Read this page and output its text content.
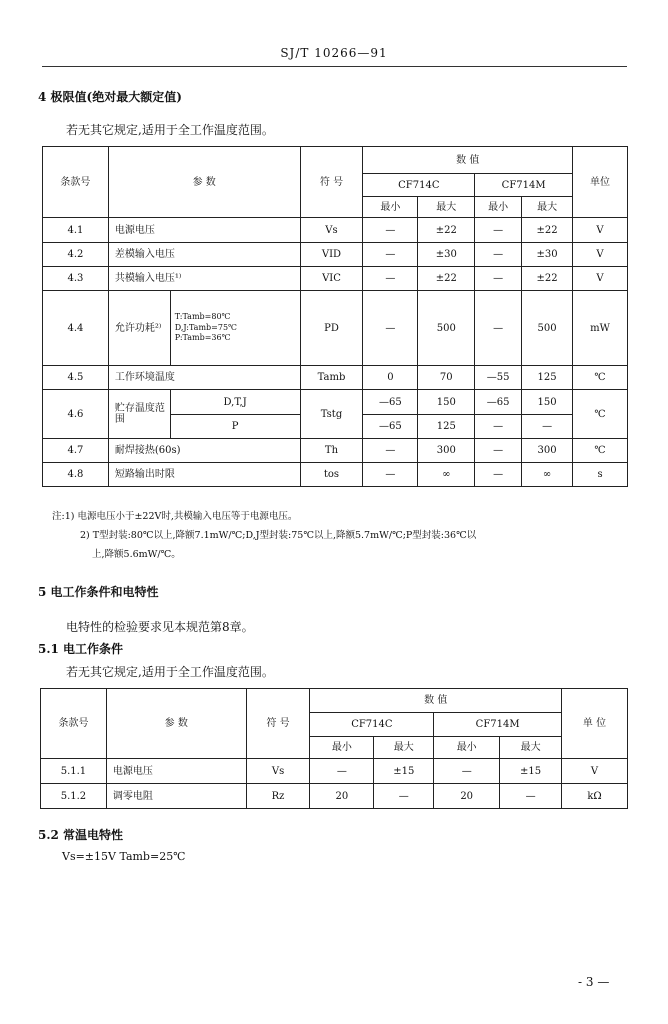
SJ/T 10266—91
4 极限值(绝对最大额定值)
若无其它规定,适用于全工作温度范围。
条款号	参 数		符 号	数 值				单位
				CF714C		CF714M		
				最小	最大	最小	最大	
4.1	电源电压		Vs	—	±22	—	±22	V
4.2	差模输入电压		VID	—	±30	—	±30	V
4.3	共模输入电压¹⁾		VIC	—	±22	—	±22	V
4.4	允许功耗²⁾	T:Tamb=80℃
D,J:Tamb=75℃
P:Tamb=36℃	PD	—	500	—	500	mW
4.5	工作环境温度		Tamb	0	70	—55	125	℃
4.6	贮存温度范围	D,T,J	Tstg	—65	150	—65	150	℃
		P		—65	125	—	—	
4.7	耐焊接热(60s)		Th	—	300	—	300	℃
4.8	短路输出时限		tos	—	∞	—	∞	s
注:1) 电源电压小于±22V时,共模输入电压等于电源电压。
2) T型封装:80℃以上,降额7.1mW/℃;D,J型封装:75℃以上,降额5.7mW/℃;P型封装:36℃以
上,降额5.6mW/℃。
5 电工作条件和电特性
电特性的检验要求见本规范第8章。
5.1 电工作条件
若无其它规定,适用于全工作温度范围。
条款号	参 数	符 号	数 值				单 位
			CF714C		CF714M		
			最小	最大	最小	最大	
5.1.1	电源电压	Vs	—	±15	—	±15	V
5.1.2	调零电阻	Rz	20	—	20	—	kΩ
5.2 常温电特性
Vs=±15V Tamb=25℃
- 3 —
